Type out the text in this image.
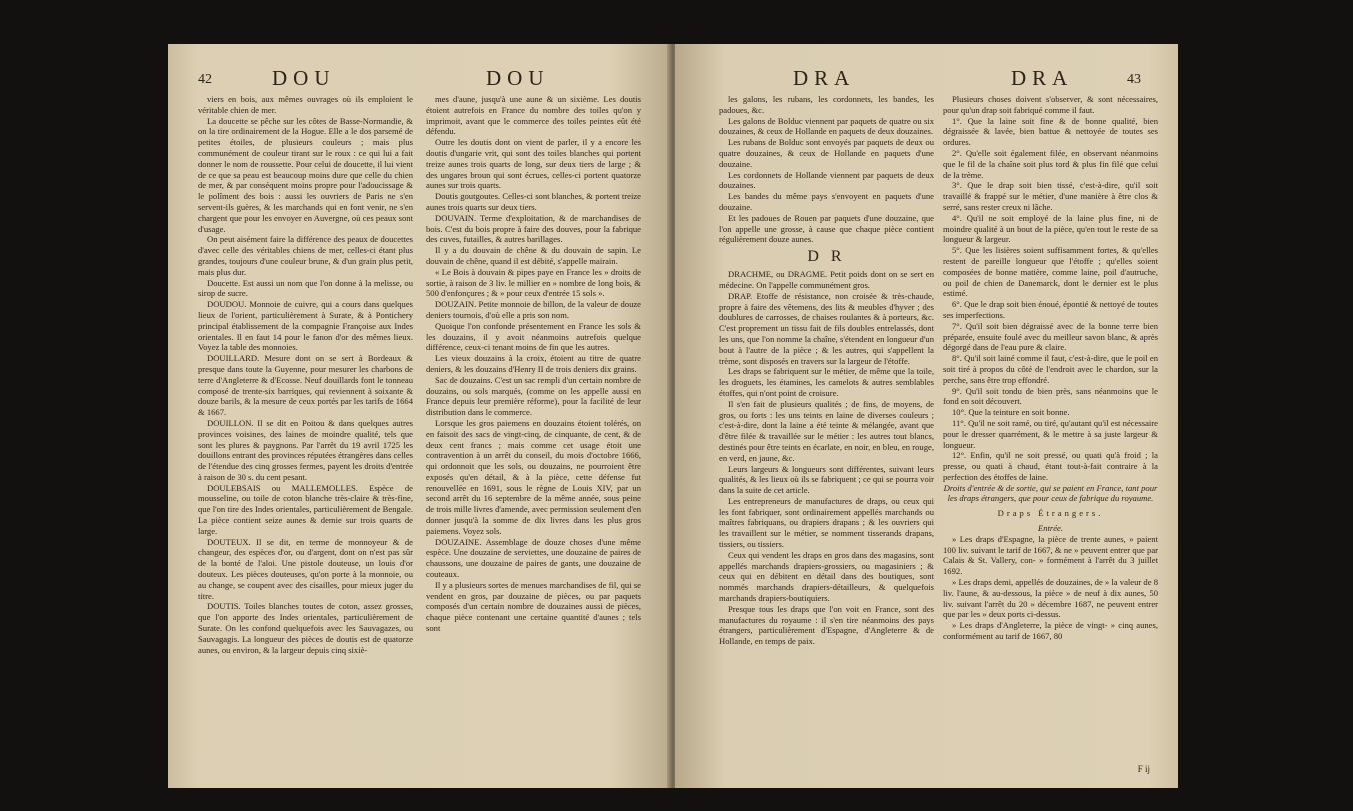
42	DOU	DOU

viers en bois, aux mêmes ouvrages où ils emploient le véritable chien de mer.

La doucette se pêche sur les côtes de Basse-Normandie, & on la tire ordinairement de la Hogue. Elle a le dos parsemé de petites étoiles, de plusieurs couleurs ; mais plus communément de couleur tirant sur le roux : ce qui lui a fait donner le nom de roussette. Pour celui de doucette, il lui vient de ce que sa peau est beaucoup moins dure que celle du chien de mer, & par conséquent moins propre pour l'adoucissage & le polîment des bois : aussi les ouvriers de Paris ne s'en servent-ils guères, & les marchands qui en font venir, ne s'en chargent que pour les envoyer en Auvergne, où ces peaux sont d'usage.

On peut aisément faire la différence des peaux de doucettes d'avec celle des véritables chiens de mer, celles-ci étant plus grandes, toujours d'une couleur brune, & d'un grain plus petit, mais plus dur.

Doucette. Est aussi un nom que l'on donne à la melisse, ou sirop de sucre.

DOUDOU. Monnoie de cuivre, qui a cours dans quelques lieux de l'orient, particulièrement à Surate, & à Pontichery principal établissement de la compagnie Françoise aux Indes orientales. Il en faut 14 pour le fanon d'or des mêmes lieux. Voyez la table des monnoies.

DOUILLARD. Mesure dont on se sert à Bordeaux & presque dans toute la Guyenne, pour mesurer les charbons de terre d'Angleterre & d'Ecosse. Neuf douillards font le tonneau composé de trente-six barriques, qui reviennent à soixante & douze barils, & la mesure de ceux portés par les tarifs de 1664 & 1667.

DOUILLON. Il se dit en Poitou & dans quelques autres provinces voisines, des laines de moindre qualité, tels que sont les plures & paygnons. Par l'arrêt du 19 avril 1725 les douillons entrant des provinces réputées étrangères dans celles de l'étendue des cinq grosses fermes, payent les droits d'entrée à raison de 30 s. du cent pesant.

DOULEBSAIS ou MALLEMOLLES. Espèce de mousseline, ou toile de coton blanche très-claire & très-fine, que l'on tire des Indes orientales, particulièrement de Bengale. La pièce contient seize aunes & demie sur trois quarts de large.

DOUTEUX. Il se dit, en terme de monnoyeur & de changeur, des espèces d'or, ou d'argent, dont on n'est pas sûr de la bonté de l'aloi. Une pistole douteuse, un louis d'or douteux. Les pièces douteuses, qu'on porte à la monnoie, ou au change, se coupent avec des cisailles, pour mieux juger du titre.

DOUTIS. Toiles blanches toutes de coton, assez grosses, que l'on apporte des Indes orientales, particulièrement de Surate. On les confond quelquefois avec les Sauvagazes, ou Sauvagagis. La longueur des pièces de doutis est de quatorze aunes, ou environ, & la largeur depuis cinq sixiè-

mes d'aune, jusqu'à une aune & un sixième. Les doutis étoient autrefois en France du nombre des toiles qu'on y imprimoit, avant que le commerce des toiles peintes eût été défendu.

Outre les doutis dont on vient de parler, il y a encore les doutis d'ungarie vrit, qui sont des toiles blanches qui portent treize aunes trois quarts de long, sur deux tiers de large ; & des ungares broun qui sont écrues, celles-ci portent quatorze aunes sur trois quarts.

Doutis goutgoutes. Celles-ci sont blanches, & portent treize aunes trois quarts sur deux tiers.

DOUVAIN. Terme d'exploitation, & de marchandises de bois. C'est du bois propre à faire des douves, pour la fabrique des cuves, futailles, & autres barillages.

Il y a du douvain de chêne & du douvain de sapin. Le douvain de chêne, quand il est débité, s'appelle mairain.

« Le Bois à douvain & pipes paye en France les » droits de sortie, à raison de 3 liv. le millier en » nombre de long bois, & 500 d'enfonçures ; & » pour ceux d'entrée 15 sols ».

DOUZAIN. Petite monnoie de billon, de la valeur de douze deniers tournois, d'où elle a pris son nom.

Quoique l'on confonde présentement en France les sols & les douzains, il y avoit néanmoins autrefois quelque différence, ceux-ci tenant moins de fin que les autres.

Les vieux douzains à la croix, étoient au titre de quatre deniers, & les douzains d'Henry II de trois deniers dix grains.

Sac de douzains. C'est un sac rempli d'un certain nombre de douzains, ou sols marqués, (comme on les appelle aussi en France depuis leur première réforme), pour la facilité de leur distribution dans le commerce.

Lorsque les gros paiemens en douzains étoient tolérés, on en faisoit des sacs de vingt-cinq, de cinquante, de cent, & de deux cent francs ; mais comme cet usage étoit une contravention à un arrêt du conseil, du mois d'octobre 1666, qui ordonnoit que les sols, ou douzains, ne pourroient être exposés qu'en détail, & à la pièce, cette défense fut renouvellée en 1691, sous le règne de Louis XIV, par un second arrêt du 16 septembre de la même année, sous peine de trois mille livres d'amende, avec permission seulement d'en donner jusqu'à la somme de dix livres dans les plus gros paiemens. Voyez sols.

DOUZAINE. Assemblage de douze choses d'une même espèce. Une douzaine de serviettes, une douzaine de paires de chaussons, une douzaine de paires de gants, une douzaine de couteaux.

Il y a plusieurs sortes de menues marchandises de fil, qui se vendent en gros, par douzaine de pièces, ou par paquets composés d'un certain nombre de douzaines aussi de pièces, chaque pièce contenant une certaine quantité d'aunes ; tels sont

DRA	DRA	43

les galons, les rubans, les cordonnets, les bandes, les padoues, &c.

Les galons de Bolduc viennent par paquets de quatre ou six douzaines, & ceux de Hollande en paquets de deux douzaines.

Les rubans de Bolduc sont envoyés par paquets de deux ou quatre douzaines, & ceux de Hollande en paquets d'une douzaine.

Les cordonnets de Hollande viennent par paquets de deux douzaines.

Les bandes du même pays s'envoyent en paquets d'une douzaine.

Et les padoues de Rouen par paquets d'une douzaine, que l'on appelle une grosse, à cause que chaque pièce contient régulièrement douze aunes.

D R

DRACHME, ou DRAGME. Petit poids dont on se sert en médecine. On l'appelle communément gros.

DRAP. Etoffe de résistance, non croisée & très-chaude, propre à faire des vêtemens, des lits & meubles d'hyver ; des doublures de carrosses, de chaises roulantes & à porteurs, &c. C'est proprement un tissu fait de fils doubles entrelassés, dont les uns, que l'on nomme la chaîne, s'étendent en longueur d'un bout à l'autre de la pièce ; & les autres, qui s'appellent la trème, sont disposés en travers sur la largeur de l'étoffe.

Les draps se fabriquent sur le métier, de même que la toile, les droguets, les étamines, les camelots & autres semblables étoffes, qui n'ont point de croisure.

Il s'en fait de plusieurs qualités ; de fins, de moyens, de gros, ou forts : les uns teints en laine de diverses couleurs ; c'est-à-dire, dont la laine a été teinte & mélangée, avant que d'être filée & travaillée sur le métier : les autres tout blancs, destinés pour être teints en écarlate, en noir, en bleu, en rouge, en verd, en jaune, &c.

Leurs largeurs & longueurs sont différentes, suivant leurs qualités, & les lieux où ils se fabriquent ; ce qui se pourra voir dans la suite de cet article.

Les entrepreneurs de manufactures de draps, ou ceux qui les font fabriquer, sont ordinairement appellés marchands ou maîtres fabriquans, ou drapiers drapans ; & les ouvriers qui les travaillent sur le métier, se nomment tisserands drapans, tissiers, ou tissiers.

Ceux qui vendent les draps en gros dans des magasins, sont appellés marchands drapiers-grossiers, ou magasiniers ; & ceux qui en débitent en détail dans des boutiques, sont nommés marchands drapiers-détailleurs, & quelquefois marchands drapiers-boutiquiers.

Presque tous les draps que l'on voit en France, sont des manufactures du royaume : il s'en tire néanmoins des pays étrangers, particulièrement d'Espagne, d'Angleterre & de Hollande, en temps de paix.

Plusieurs choses doivent s'observer, & sont nécessaires, pour qu'un drap soit fabriqué comme il faut.

1°. Que la laine soit fine & de bonne qualité, bien dégraissée & lavée, bien battue & nettoyée de toutes ses ordures.

2°. Qu'elle soit également filée, en observant néanmoins que le fil de la chaîne soit plus tord & plus fin filé que celui de la trème.

3°. Que le drap soit bien tissé, c'est-à-dire, qu'il soit travaillé & frappé sur le métier, d'une manière à être clos & serré, sans rester creux ni lâche.

4°. Qu'il ne soit employé de la laine plus fine, ni de moindre qualité à un bout de la pièce, qu'en tout le reste de sa longueur & largeur.

5°. Que les lisières soient suffisamment fortes, & qu'elles restent de pareille longueur que l'étoffe ; qu'elles soient composées de bonne matière, comme laine, poil d'autruche, ou poil de chien de Danemarck, dont le dernier est le plus estimé.

6°. Que le drap soit bien énoué, épontié & nettoyé de toutes ses imperfections.

7°. Qu'il soit bien dégraissé avec de la bonne terre bien préparée, ensuite foulé avec du meilleur savon blanc, & après dégorgé dans de l'eau pure & claire.

8°. Qu'il soit lainé comme il faut, c'est-à-dire, que le poil en soit tiré à propos du côté de l'endroit avec le chardon, sur la perche, sans être trop effondré.

9°. Qu'il soit tondu de bien près, sans néanmoins que le fond en soit découvert.

10°. Que la teinture en soit bonne.

11°. Qu'il ne soit ramé, ou tiré, qu'autant qu'il est nécessaire pour le dresser quarrément, & le mettre à sa juste largeur & longueur.

12°. Enfin, qu'il ne soit pressé, ou quati qu'à froid ; la presse, ou quati à chaud, étant tout-à-fait contraire à la perfection des étoffes de laine.

Droits d'entrée & de sortie, qui se paient en France, tant pour les draps étrangers, que pour ceux de fabrique du royaume.

Draps Étrangers.

Entrée.

» Les draps d'Espagne, la pièce de trente aunes, » paient 100 liv. suivant le tarif de 1667, & ne » peuvent entrer que par Calais & St. Vallery, con- » formément à l'arrêt du 3 juillet 1692.

» Les draps demi, appellés de douzaines, de » la valeur de 8 liv. l'aune, & au-dessous, la pièce » de neuf à dix aunes, 50 liv. suivant l'arrêt du 20 » décembre 1687, ne peuvent entrer que par les » deux ports ci-dessus.

» Les draps d'Angleterre, la pièce de vingt- » cinq aunes, conformément au tarif de 1667, 80

F ij
